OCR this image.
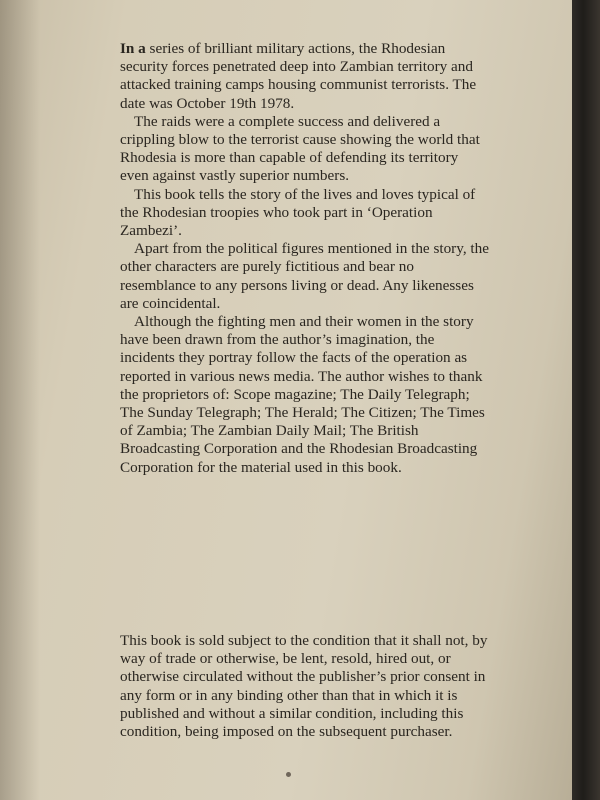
In a series of brilliant military actions, the Rhodesian security forces penetrated deep into Zambian territory and attacked training camps housing communist terrorists. The date was October 19th 1978.

The raids were a complete success and delivered a crippling blow to the terrorist cause showing the world that Rhodesia is more than capable of defending its territory even against vastly superior numbers.

This book tells the story of the lives and loves typical of the Rhodesian troopies who took part in ‘Operation Zambezi’.

Apart from the political figures mentioned in the story, the other characters are purely fictitious and bear no resemblance to any persons living or dead. Any likenesses are coincidental.

Although the fighting men and their women in the story have been drawn from the author’s imagination, the incidents they portray follow the facts of the operation as reported in various news media. The author wishes to thank the proprietors of: Scope magazine; The Daily Telegraph; The Sunday Telegraph; The Herald; The Citizen; The Times of Zambia; The Zambian Daily Mail; The British Broadcasting Corporation and the Rhodesian Broadcasting Corporation for the material used in this book.

This book is sold subject to the condition that it shall not, by way of trade or otherwise, be lent, resold, hired out, or otherwise circulated without the publisher’s prior consent in any form or in any binding other than that in which it is published and without a similar condition, including this condition, being imposed on the subsequent purchaser.
